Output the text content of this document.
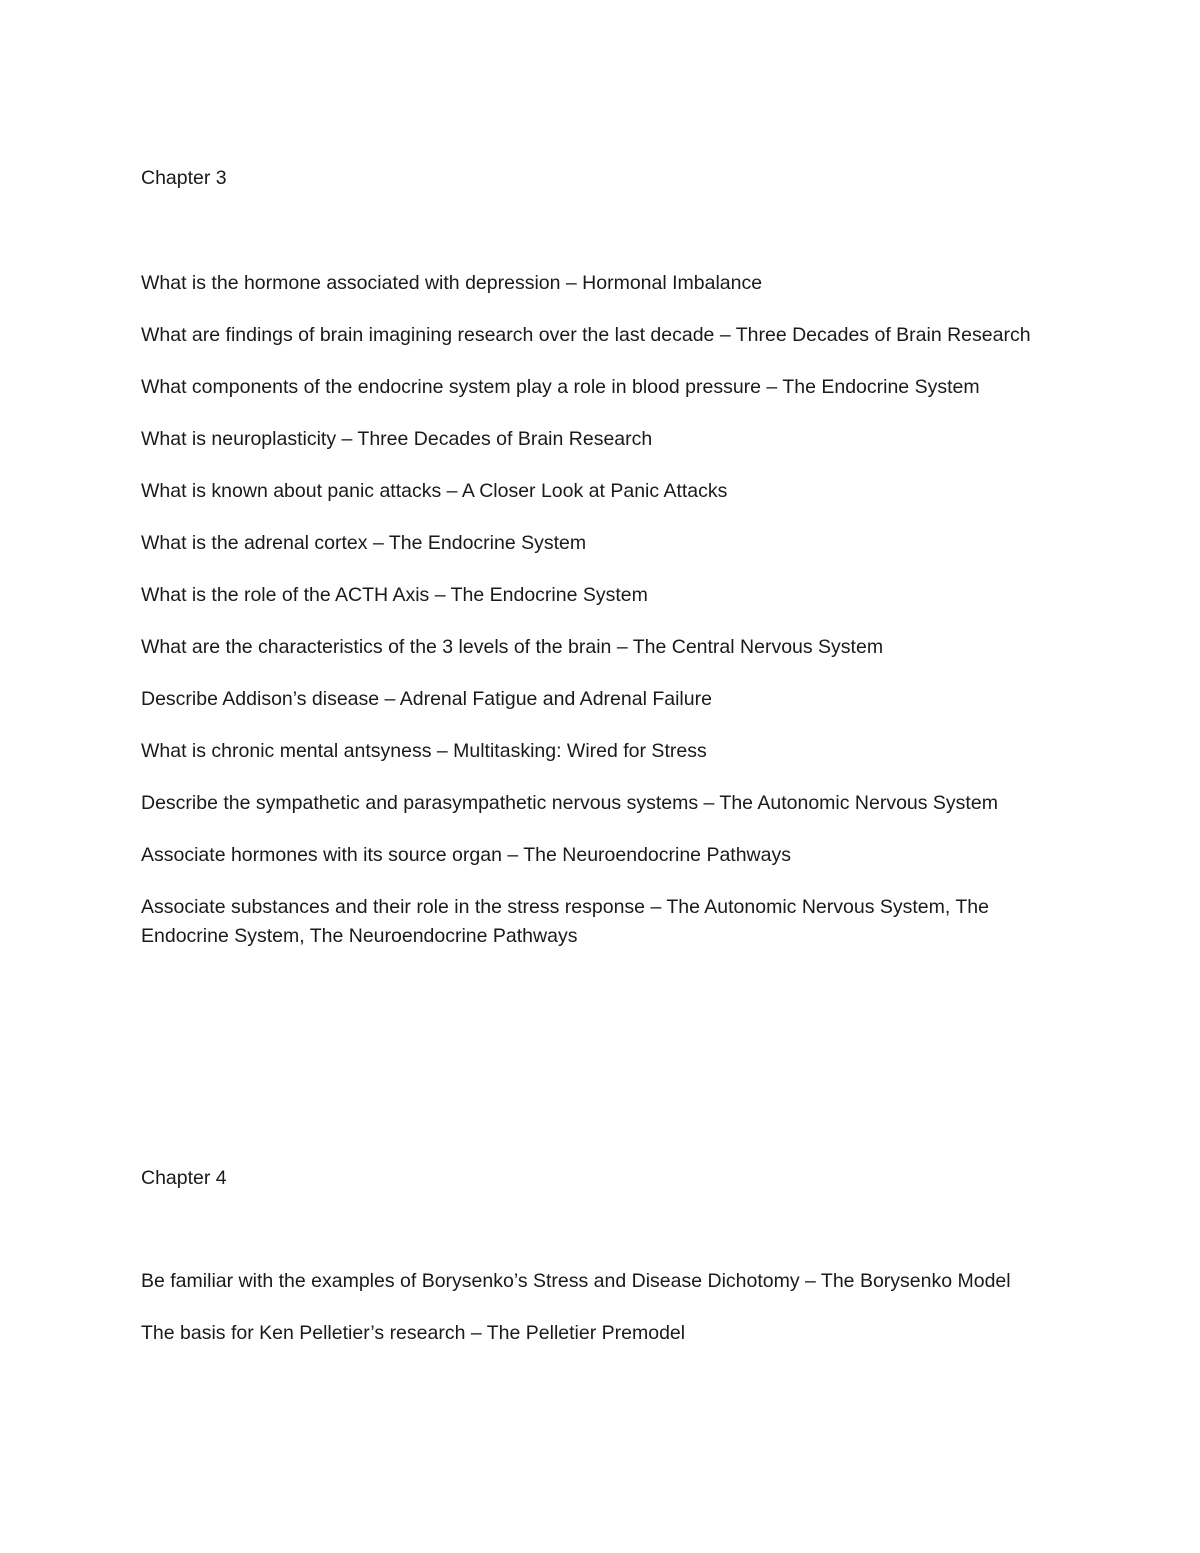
Chapter 3
What is the hormone associated with depression – Hormonal Imbalance
What are findings of brain imagining research over the last decade – Three Decades of Brain Research
What components of the endocrine system play a role in blood pressure – The Endocrine System
What is neuroplasticity – Three Decades of Brain Research
What is known about panic attacks – A Closer Look at Panic Attacks
What is the adrenal cortex – The Endocrine System
What is the role of the ACTH Axis – The Endocrine System
What are the characteristics of the 3 levels of the brain – The Central Nervous System
Describe Addison’s disease – Adrenal Fatigue and Adrenal Failure
What is chronic mental antsyness – Multitasking: Wired for Stress
Describe the sympathetic and parasympathetic nervous systems – The Autonomic Nervous System
Associate hormones with its source organ – The Neuroendocrine Pathways
Associate substances and their role in the stress response – The Autonomic Nervous System, The Endocrine System, The Neuroendocrine Pathways
Chapter 4
Be familiar with the examples of Borysenko’s Stress and Disease Dichotomy – The Borysenko Model
The basis for Ken Pelletier’s research – The Pelletier Premodel
